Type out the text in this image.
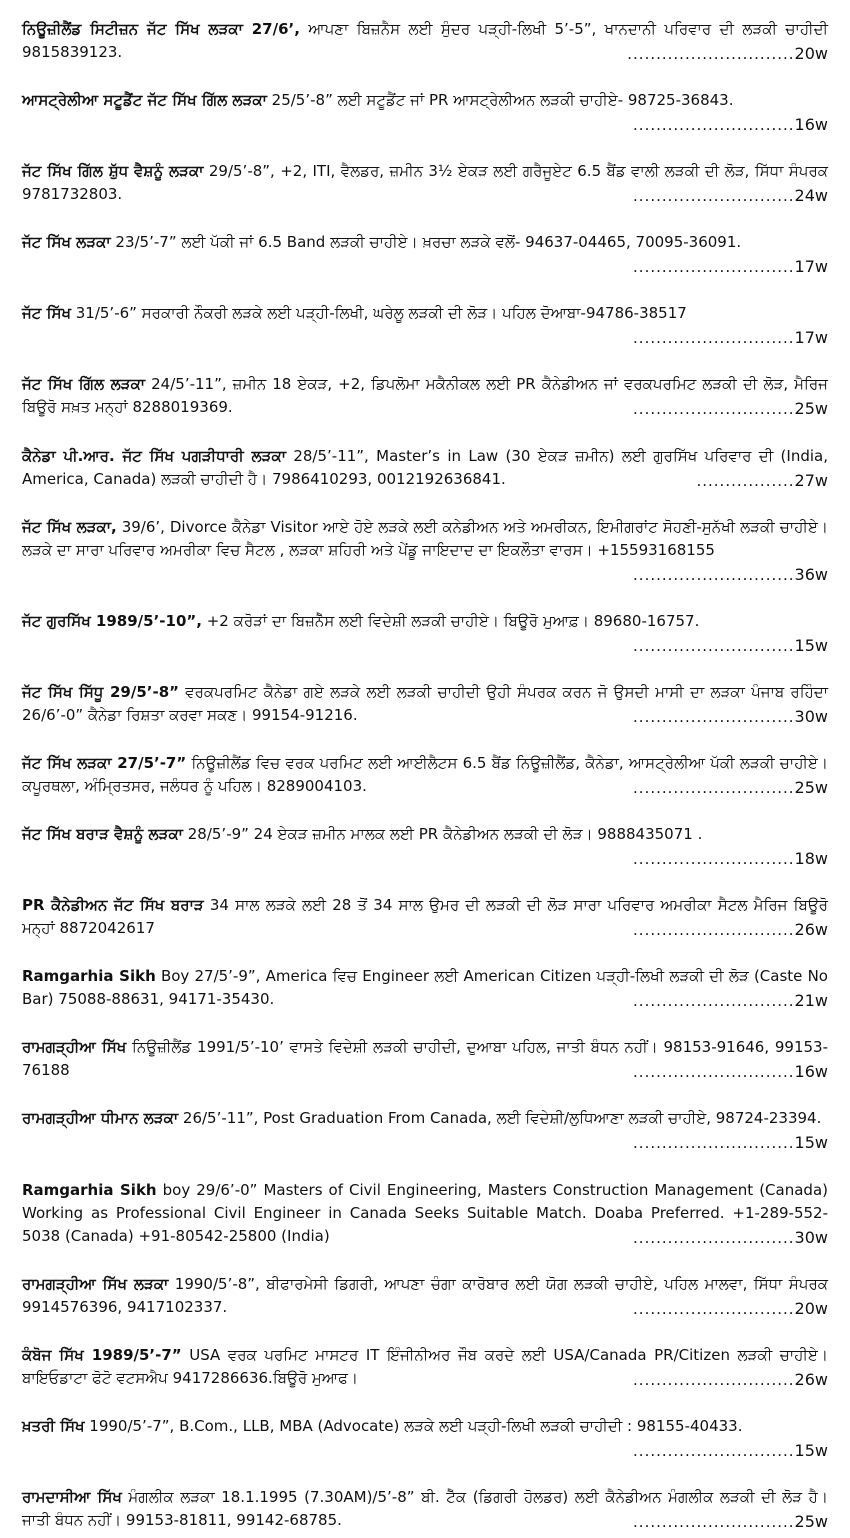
ਨਿਊਜ਼ੀਲੈਂਡ ਸਿਟੀਜ਼ਨ ਜੱਟ ਸਿੱਖ ਲੜਕਾ 27/6’, ਆਪਣਾ ਬਿਜ਼ਨੈਸ ਲਈ ਸੁੰਦਰ ਪੜ੍ਹੀ-ਲਿਖੀ 5’-5”, ਖਾਨਦਾਨੀ ਪਰਿਵਾਰ ਦੀ ਲੜਕੀ ਚਾਹੀਦੀ 9815839123.	.............................20w
ਆਸਟ੍ਰੇਲੀਆ ਸਟੂਡੈਂਟ ਜੱਟ ਸਿੱਖ ਗਿੱਲ ਲੜਕਾ 25/5’-8” ਲਈ ਸਟੂਡੈਂਟ ਜਾਂ PR ਆਸਟ੍ਰੇਲੀਅਨ ਲੜਕੀ ਚਾਹੀਏ- 98725-36843.
............................16w
ਜੱਟ ਸਿੱਖ ਗਿੱਲ ਸ਼ੁੱਧ ਵੈਸ਼ਨੂੰ ਲੜਕਾ 29/5’-8”, +2, ITI, ਵੈਲਡਰ, ਜ਼ਮੀਨ 3½ ਏਕੜ ਲਈ ਗਰੈਜੂਏਟ 6.5 ਬੈਂਡ ਵਾਲੀ ਲੜਕੀ ਦੀ ਲੋੜ, ਸਿੱਧਾ ਸੰਪਰਕ 9781732803.	............................24w
ਜੱਟ ਸਿੱਖ ਲੜਕਾ 23/5’-7” ਲਈ ਪੱਕੀ ਜਾਂ 6.5 Band ਲੜਕੀ ਚਾਹੀਏ। ਖ਼ਰਚਾ ਲੜਕੇ ਵਲੋਂ- 94637-04465, 70095-36091.
............................17w
ਜੱਟ ਸਿੱਖ 31/5’-6” ਸਰਕਾਰੀ ਨੌਕਰੀ ਲੜਕੇ ਲਈ ਪੜ੍ਹੀ-ਲਿਖੀ, ਘਰੇਲੂ ਲੜਕੀ ਦੀ ਲੋੜ। ਪਹਿਲ ਦੋਆਬਾ-94786-38517
............................17w
ਜੱਟ ਸਿੱਖ ਗਿੱਲ ਲੜਕਾ 24/5’-11”, ਜ਼ਮੀਨ 18 ਏਕੜ, +2, ਡਿਪਲੋਮਾ ਮਕੈਨੀਕਲ ਲਈ PR ਕੈਨੇਡੀਅਨ ਜਾਂ ਵਰਕਪਰਮਿਟ ਲੜਕੀ ਦੀ ਲੋੜ, ਮੈਰਿਜ ਬਿਊਰੋ ਸਖ਼ਤ ਮਨ੍ਹਾਂ 8288019369.	............................25w
ਕੈਨੇਡਾ ਪੀ.ਆਰ. ਜੱਟ ਸਿੱਖ ਪਗੜੀਧਾਰੀ ਲੜਕਾ 28/5’-11”, Master’s in Law (30 ਏਕੜ ਜ਼ਮੀਨ) ਲਈ ਗੁਰਸਿੱਖ ਪਰਿਵਾਰ ਦੀ (India, America, Canada) ਲੜਕੀ ਚਾਹੀਦੀ ਹੈ। 7986410293, 0012192636841.	.................27w
ਜੱਟ ਸਿੱਖ ਲੜਕਾ, 39/6’, Divorce ਕੈਨੇਡਾ Visitor ਆਏ ਹੋਏ ਲੜਕੇ ਲਈ ਕਨੇਡੀਅਨ ਅਤੇ ਅਮਰੀਕਨ, ਇਮੀਗਰਾਂਟ ਸੋਹਣੀ-ਸੁਨੱਖੀ ਲੜਕੀ ਚਾਹੀਏ। ਲੜਕੇ ਦਾ ਸਾਰਾ ਪਰਿਵਾਰ ਅਮਰੀਕਾ ਵਿਚ ਸੈਟਲ , ਲੜਕਾ ਸ਼ਹਿਰੀ ਅਤੇ ਪੇਂਡੂ ਜਾਇਦਾਦ ਦਾ ਇਕਲੌਤਾ ਵਾਰਸ। +15593168155
............................36w
ਜੱਟ ਗੁਰਸਿੱਖ 1989/5’-10”, +2 ਕਰੋੜਾਂ ਦਾ ਬਿਜ਼ਨੈੱਸ ਲਈ ਵਿਦੇਸ਼ੀ ਲੜਕੀ ਚਾਹੀਏ। ਬਿਊਰੋ ਮੁਆਫ਼। 89680-16757.
............................15w
ਜੱਟ ਸਿੱਖ ਸਿੱਧੂ 29/5’-8” ਵਰਕਪਰਮਿਟ ਕੈਨੇਡਾ ਗਏ ਲੜਕੇ ਲਈ ਲੜਕੀ ਚਾਹੀਦੀ ਉਹੀ ਸੰਪਰਕ ਕਰਨ ਜੋ ਉਸਦੀ ਮਾਸੀ ਦਾ ਲੜਕਾ ਪੰਜਾਬ ਰਹਿੰਦਾ 26/6’-0” ਕੈਨੇਡਾ ਰਿਸ਼ਤਾ ਕਰਵਾ ਸਕਣ। 99154-91216.	............................30w
ਜੱਟ ਸਿੱਖ ਲੜਕਾ 27/5’-7” ਨਿਊਜ਼ੀਲੈਂਡ ਵਿਚ ਵਰਕ ਪਰਮਿਟ ਲਈ ਆਈਲੈਟਸ 6.5 ਬੈਂਡ ਨਿਊਜ਼ੀਲੈਂਡ, ਕੈਨੇਡਾ, ਆਸਟ੍ਰੇਲੀਆ ਪੱਕੀ ਲੜਕੀ ਚਾਹੀਏ। ਕਪੂਰਥਲਾ, ਅੰਮ੍ਰਿਤਸਰ, ਜਲੰਧਰ ਨੂੰ ਪਹਿਲ। 8289004103.	............................25w
ਜੱਟ ਸਿੱਖ ਬਰਾੜ ਵੈਸ਼ਨੂੰ ਲੜਕਾ 28/5’-9” 24 ਏਕੜ ਜ਼ਮੀਨ ਮਾਲਕ ਲਈ PR ਕੈਨੇਡੀਅਨ ਲੜਕੀ ਦੀ ਲੋੜ। 9888435071 .
............................18w
PR ਕੈਨੇਡੀਅਨ ਜੱਟ ਸਿੱਖ ਬਰਾੜ 34 ਸਾਲ ਲੜਕੇ ਲਈ 28 ਤੋਂ 34 ਸਾਲ ਉਮਰ ਦੀ ਲੜਕੀ ਦੀ ਲੋੜ ਸਾਰਾ ਪਰਿਵਾਰ ਅਮਰੀਕਾ ਸੈਟਲ ਮੈਰਿਜ ਬਿਊਰੋ ਮਨ੍ਹਾਂ 8872042617	............................26w
Ramgarhia Sikh Boy 27/5’-9”, America ਵਿਚ Engineer ਲਈ American Citizen ਪੜ੍ਹੀ-ਲਿਖੀ ਲੜਕੀ ਦੀ ਲੋੜ (Caste No Bar) 75088-88631, 94171-35430.	............................21w
ਰਾਮਗੜ੍ਹੀਆ ਸਿੱਖ ਨਿਊਜ਼ੀਲੈਂਡ 1991/5’-10’ ਵਾਸਤੇ ਵਿਦੇਸ਼ੀ ਲੜਕੀ ਚਾਹੀਦੀ, ਦੁਆਬਾ ਪਹਿਲ, ਜਾਤੀ ਬੰਧਨ ਨਹੀਂ। 98153-91646, 99153-76188	............................16w
ਰਾਮਗੜ੍ਹੀਆ ਧੀਮਾਨ ਲੜਕਾ 26/5’-11”, Post Graduation From Canada, ਲਈ ਵਿਦੇਸ਼ੀ/ਲੁਧਿਆਣਾ ਲੜਕੀ ਚਾਹੀਏ, 98724-23394.
............................15w
Ramgarhia Sikh boy 29/6’-0” Masters of Civil Engineering, Masters Construction Management (Canada) Working as Professional Civil Engineer in Canada Seeks Suitable Match. Doaba Preferred. +1-289-552-5038 (Canada) +91-80542-25800 (India)	............................30w
ਰਾਮਗੜ੍ਹੀਆ ਸਿੱਖ ਲੜਕਾ 1990/5’-8”, ਬੀਫਾਰਮੇਸੀ ਡਿਗਰੀ, ਆਪਣਾ ਚੰਗਾ ਕਾਰੋਬਾਰ ਲਈ ਯੋਗ ਲੜਕੀ ਚਾਹੀਏ, ਪਹਿਲ ਮਾਲਵਾ, ਸਿੱਧਾ ਸੰਪਰਕ 9914576396, 9417102337.	............................20w
ਕੰਬੋਜ ਸਿੱਖ 1989/5’-7” USA ਵਰਕ ਪਰਮਿਟ ਮਾਸਟਰ IT ਇੰਜੀਨੀਅਰ ਜੌਬ ਕਰਦੇ ਲਈ USA/Canada PR/Citizen ਲੜਕੀ ਚਾਹੀਏ। ਬਾਇਓਡਾਟਾ ਫੋਟੋ ਵਟਸਐਪ 9417286636.ਬਿਊਰੋ ਮੁਆਫ।	............................26w
ਖ਼ਤਰੀ ਸਿੱਖ 1990/5’-7”, B.Com., LLB, MBA (Advocate) ਲੜਕੇ ਲਈ ਪੜ੍ਹੀ-ਲਿਖੀ ਲੜਕੀ ਚਾਹੀਦੀ : 98155-40433.
............................15w
ਰਾਮਦਾਸੀਆ ਸਿੱਖ ਮੰਗਲੀਕ ਲੜਕਾ 18.1.1995 (7.30AM)/5’-8” ਬੀ. ਟੈੱਕ (ਡਿਗਰੀ ਹੋਲਡਰ) ਲਈ ਕੈਨੇਡੀਅਨ ਮੰਗਲੀਕ ਲੜਕੀ ਦੀ ਲੋੜ ਹੈ। ਜਾਤੀ ਬੰਧਨ ਨਹੀਂ। 99153-81811, 99142-68785.	............................25w
